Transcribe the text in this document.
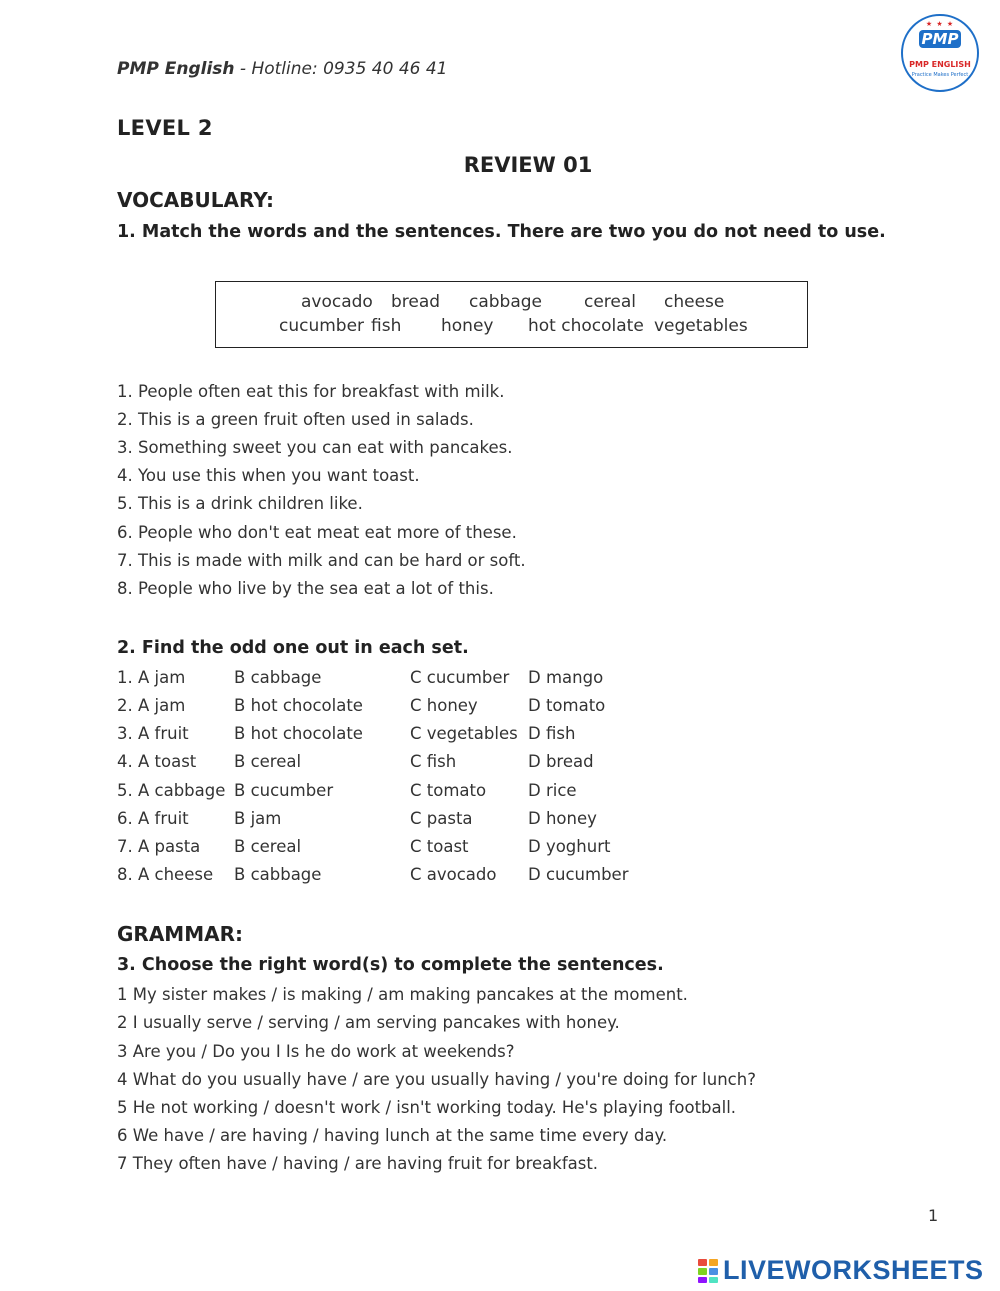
PMP English - Hotline: 0935 40 46 41
★ ★ ★
PMP
PMP ENGLISH
Practice Makes Perfect
LEVEL 2
REVIEW 01
VOCABULARY:
1. Match the words and the sentences. There are two you do not need to use.
avocado bread cabbage cereal cheese
cucumber fish honey hot chocolate vegetables
1. People often eat this for breakfast with milk.
2. This is a green fruit often used in salads.
3. Something sweet you can eat with pancakes.
4. You use this when you want toast.
5. This is a drink children like.
6. People who don't eat meat eat more of these.
7. This is made with milk and can be hard or soft.
8. People who live by the sea eat a lot of this.
2. Find the odd one out in each set.
1. A jam	B cabbage	C cucumber D mango
2. A jam	B hot chocolate	C honey	D tomato
3. A fruit	B hot chocolate	C vegetables D fish
4. A toast B cereal	C fish	D bread
5. A cabbage B cucumber	C tomato	D rice
6. A fruit	B jam	C pasta	D honey
7. A pasta B cereal	C toast	D yoghurt
8. A cheese B cabbage	C avocado D cucumber
GRAMMAR:
3. Choose the right word(s) to complete the sentences.
1 My sister makes / is making / am making pancakes at the moment.
2 I usually serve / serving / am serving pancakes with honey.
3 Are you / Do you I Is he do work at weekends?
4 What do you usually have / are you usually having / you're doing for lunch?
5 He not working / doesn't work / isn't working today. He's playing football.
6 We have / are having / having lunch at the same time every day.
7 They often have / having / are having fruit for breakfast.
1
LIVEWORKSHEETS
